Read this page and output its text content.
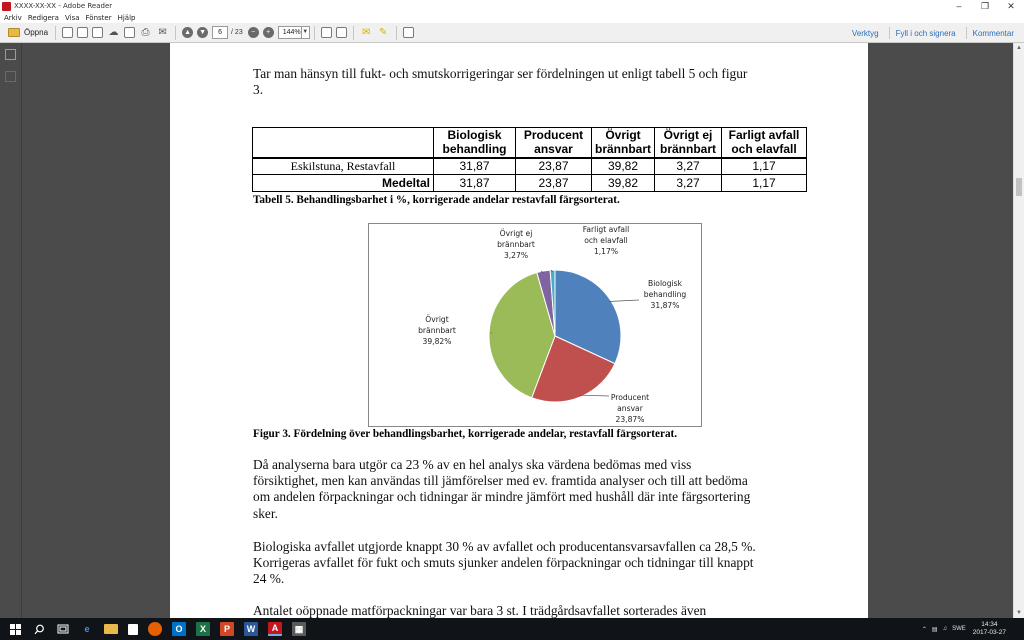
XXXX-XX-XX - Adobe Reader	–	❐	✕
Arkiv Redigera Visa Fönster Hjälp
Öppna	☁ ⎙ ✉	▲ ▼	6	/ 23	−	+	144% ▼	✉ ✎	Verktyg Fyll i och signera Kommentar
Tar man hänsyn till fukt- och smutskorrigeringar ser fördelningen ut enligt tabell 5 och figur 3.
	Biologisk behandling	Producent ansvar	Övrigt brännbart	Övrigt ej brännbart	Farligt avfall och elavfall
Eskilstuna, Restavfall	31,87	23,87	39,82	3,27	1,17
Medeltal	31,87	23,87	39,82	3,27	1,17
Tabell 5. Behandlingsbarhet i %, korrigerade andelar restavfall färgsorterat.
Biologisk behandling 31,87%
Producent ansvar 23,87%
Övrigt brännbart 39,82%
Övrigt ej brännbart 3,27%
Farligt avfall och elavfall 1,17%
Figur 3. Fördelning över behandlingsbarhet, korrigerade andelar, restavfall färgsorterat.
Då analyserna bara utgör ca 23 % av en hel analys ska värdena bedömas med viss försiktighet, men kan användas till jämförelser med ev. framtida analyser och till att bedöma om andelen förpackningar och tidningar är mindre jämfört med hushåll där inte färgsortering sker.
Biologiska avfallet utgjorde knappt 30 % av avfallet och producentansvarsavfallen ca 28,5 %. Korrigeras avfallet för fukt och smuts sjunker andelen förpackningar och tidningar till knappt 24 %.
Antalet oöppnade matförpackningar var bara 3 st. I trädgårdsavfallet sorterades även
▲
▼
e	O	X	P	W	A	▦	⌃ ▤ ♫ SWE
14:34
2017-03-27
